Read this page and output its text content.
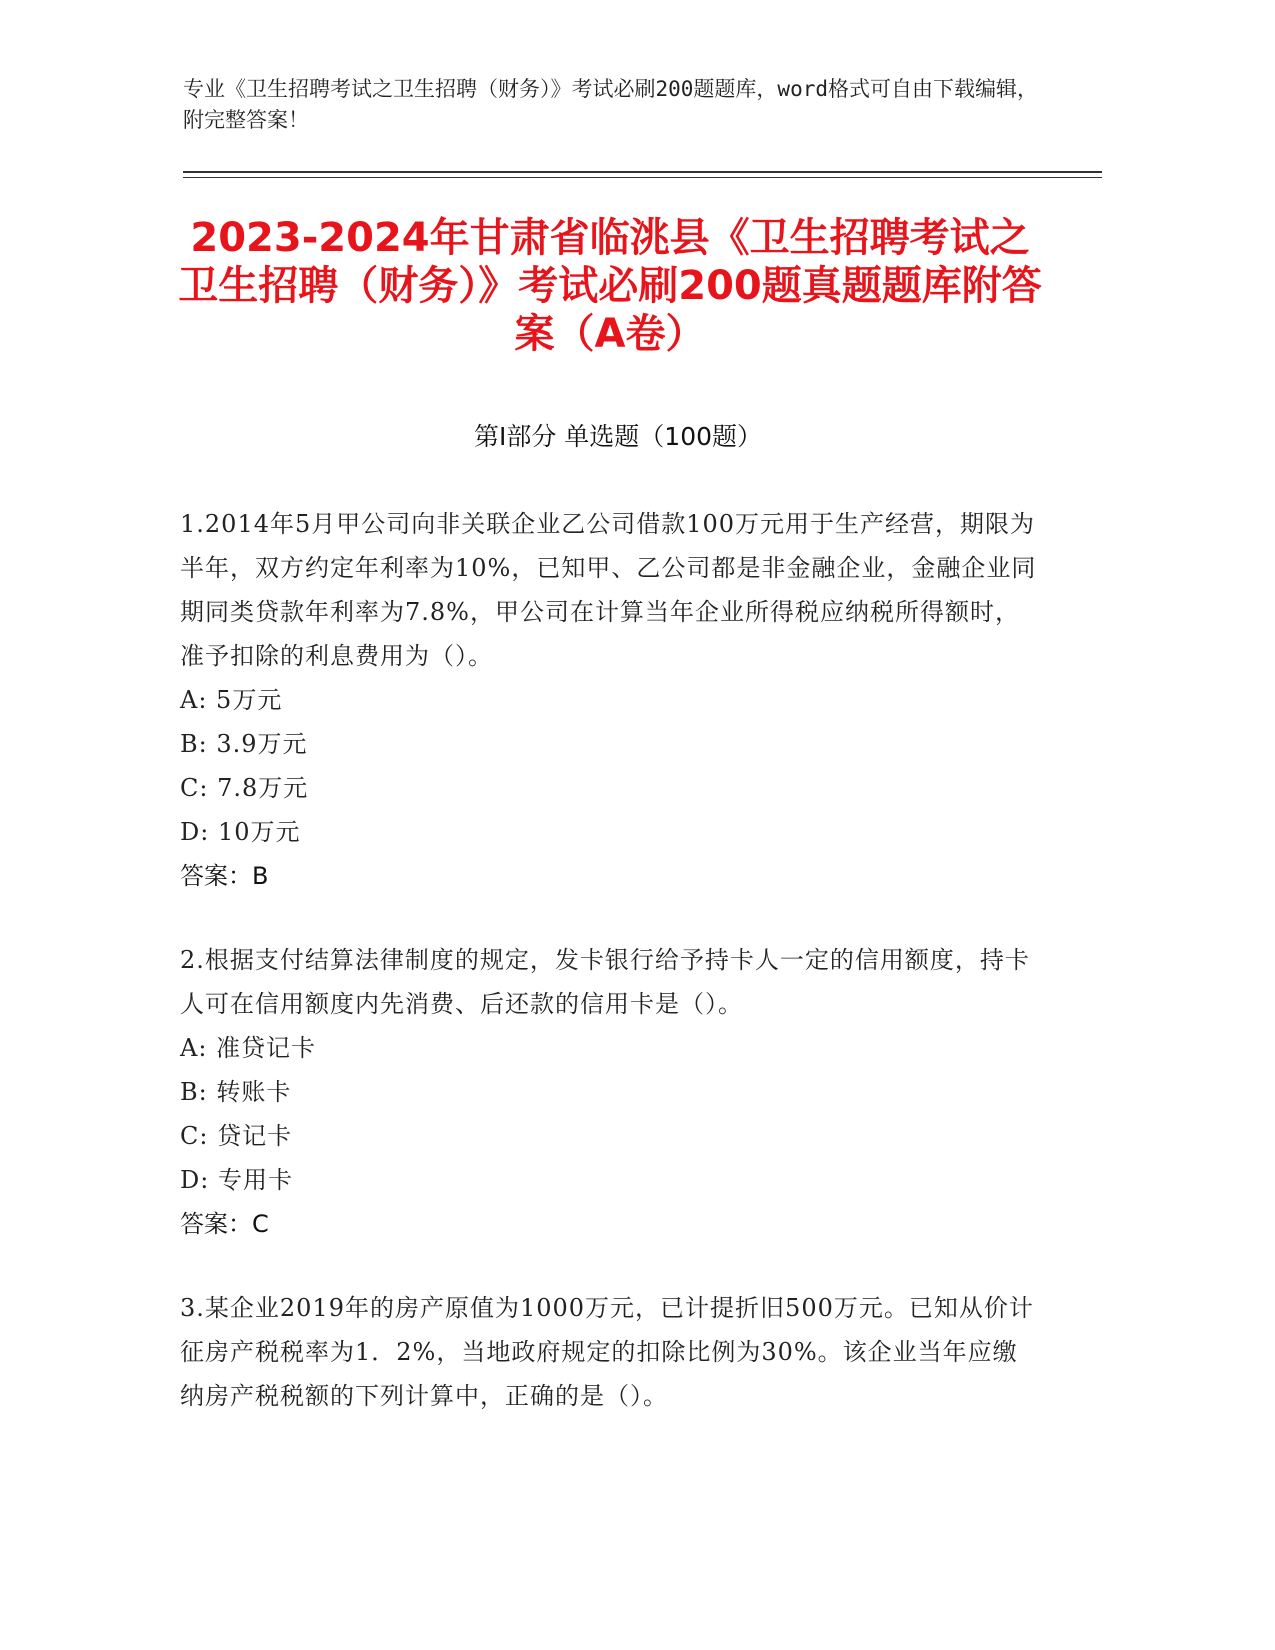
专业《卫生招聘考试之卫生招聘（财务）》考试必刷200题题库，word格式可自由下载编辑，附完整答案！
2023-2024年甘肃省临洮县《卫生招聘考试之卫生招聘（财务）》考试必刷200题真题题库附答案（A卷）
第Ⅰ部分 单选题（100题）

1.2014年5月甲公司向非关联企业乙公司借款100万元用于生产经营，期限为半年，双方约定年利率为10%，已知甲、乙公司都是非金融企业，金融企业同期同类贷款年利率为7.8%，甲公司在计算当年企业所得税应纳税所得额时，准予扣除的利息费用为（）。

A: 5万元

B: 3.9万元

C: 7.8万元

D: 10万元

答案：B

2.根据支付结算法律制度的规定，发卡银行给予持卡人一定的信用额度，持卡人可在信用额度内先消费、后还款的信用卡是（）。

A: 准贷记卡

B: 转账卡

C: 贷记卡

D: 专用卡

答案：C

3.某企业2019年的房产原值为1000万元，已计提折旧500万元。已知从价计征房产税税率为1．2%，当地政府规定的扣除比例为30%。该企业当年应缴纳房产税税额的下列计算中，正确的是（）。
